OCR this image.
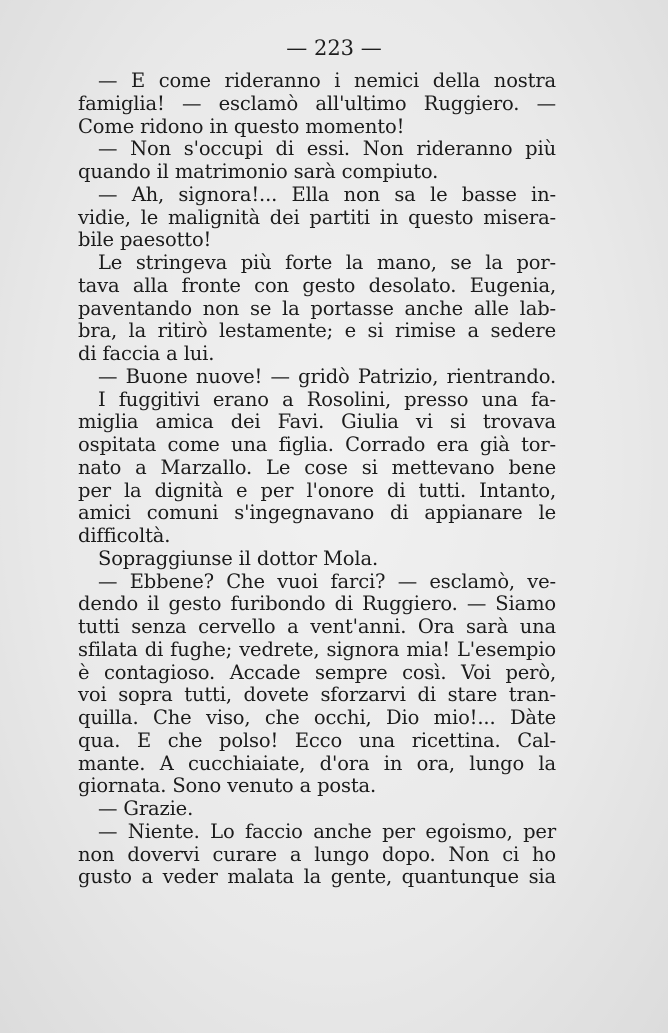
— 223 —
— E come rideranno i nemici della nostra
famiglia! — esclamò all'ultimo Ruggiero. —
Come ridono in questo momento!
— Non s'occupi di essi. Non rideranno più
quando il matrimonio sarà compiuto.
— Ah, signora!... Ella non sa le basse in-
vidie, le malignità dei partiti in questo misera-
bile paesotto!
Le stringeva più forte la mano, se la por-
tava alla fronte con gesto desolato. Eugenia,
paventando non se la portasse anche alle lab-
bra, la ritirò lestamente; e si rimise a sedere
di faccia a lui.
— Buone nuove! — gridò Patrizio, rientrando.
I fuggitivi erano a Rosolini, presso una fa-
miglia amica dei Favi. Giulia vi si trovava
ospitata come una figlia. Corrado era già tor-
nato a Marzallo. Le cose si mettevano bene
per la dignità e per l'onore di tutti. Intanto,
amici comuni s'ingegnavano di appianare le
difficoltà.
Sopraggiunse il dottor Mola.
— Ebbene? Che vuoi farci? — esclamò, ve-
dendo il gesto furibondo di Ruggiero. — Siamo
tutti senza cervello a vent'anni. Ora sarà una
sfilata di fughe; vedrete, signora mia! L'esempio
è contagioso. Accade sempre così. Voi però,
voi sopra tutti, dovete sforzarvi di stare tran-
quilla. Che viso, che occhi, Dio mio!... Dàte
qua. E che polso! Ecco una ricettina. Cal-
mante. A cucchiaiate, d'ora in ora, lungo la
giornata. Sono venuto a posta.
— Grazie.
— Niente. Lo faccio anche per egoismo, per
non dovervi curare a lungo dopo. Non ci ho
gusto a veder malata la gente, quantunque sia
